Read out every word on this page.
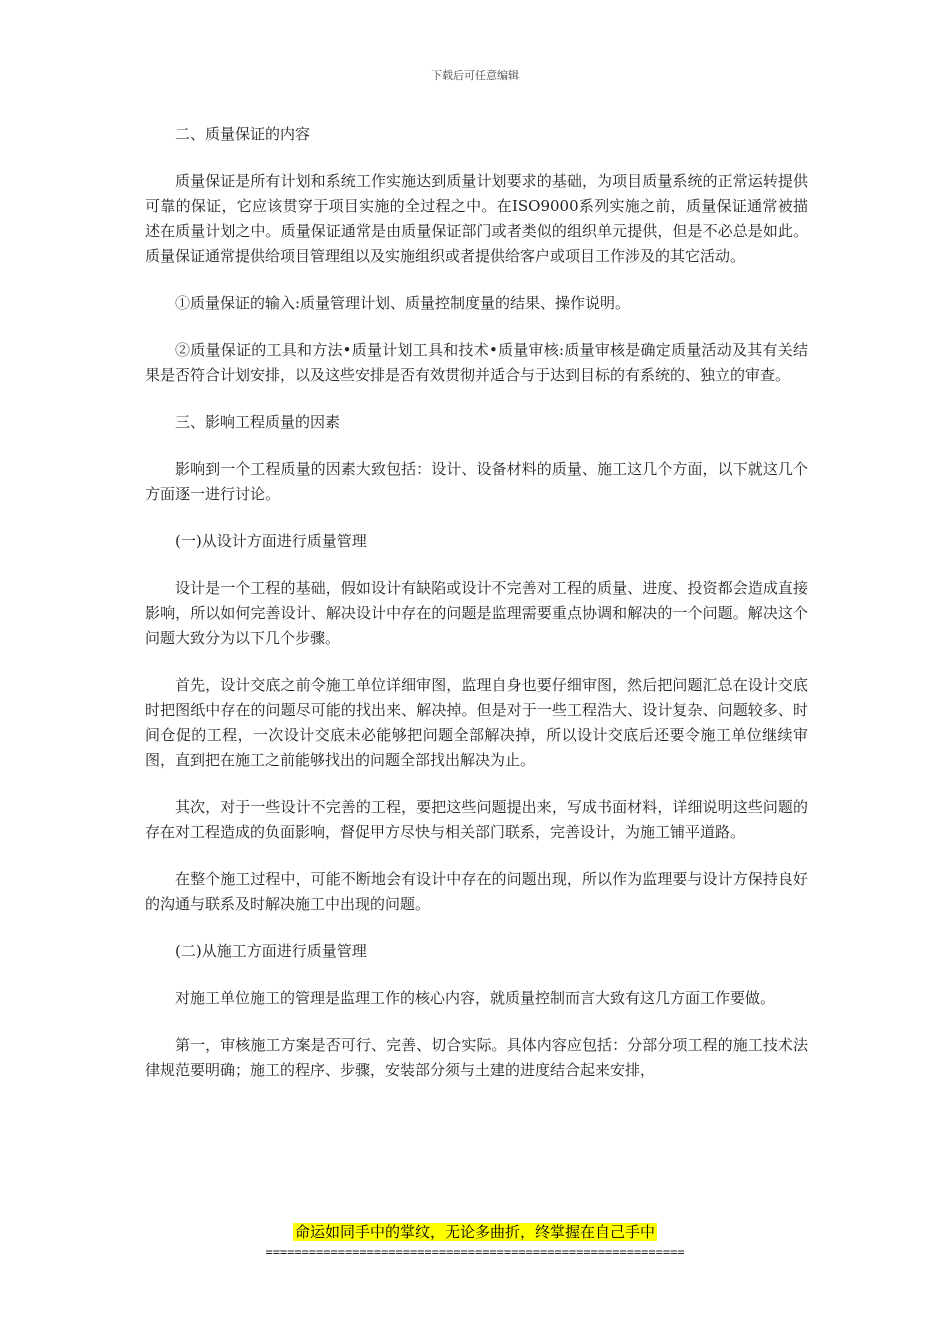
下载后可任意编辑

二、质量保证的内容

质量保证是所有计划和系统工作实施达到质量计划要求的基础，为项目质量系统的正常运转提供可靠的保证，它应该贯穿于项目实施的全过程之中。在ISO9000系列实施之前，质量保证通常被描述在质量计划之中。质量保证通常是由质量保证部门或者类似的组织单元提供，但是不必总是如此。质量保证通常提供给项目管理组以及实施组织或者提供给客户或项目工作涉及的其它活动。

①质量保证的输入:质量管理计划、质量控制度量的结果、操作说明。

②质量保证的工具和方法•质量计划工具和技术•质量审核:质量审核是确定质量活动及其有关结果是否符合计划安排，以及这些安排是否有效贯彻并适合与于达到目标的有系统的、独立的审查。

三、影响工程质量的因素

影响到一个工程质量的因素大致包括：设计、设备材料的质量、施工这几个方面，以下就这几个方面逐一进行讨论。

(一)从设计方面进行质量管理

设计是一个工程的基础，假如设计有缺陷或设计不完善对工程的质量、进度、投资都会造成直接影响，所以如何完善设计、解决设计中存在的问题是监理需要重点协调和解决的一个问题。解决这个问题大致分为以下几个步骤。

首先，设计交底之前令施工单位详细审图，监理自身也要仔细审图，然后把问题汇总在设计交底时把图纸中存在的问题尽可能的找出来、解决掉。但是对于一些工程浩大、设计复杂、问题较多、时间仓促的工程，一次设计交底未必能够把问题全部解决掉，所以设计交底后还要令施工单位继续审图，直到把在施工之前能够找出的问题全部找出解决为止。

其次，对于一些设计不完善的工程，要把这些问题提出来，写成书面材料，详细说明这些问题的存在对工程造成的负面影响，督促甲方尽快与相关部门联系，完善设计，为施工铺平道路。

在整个施工过程中，可能不断地会有设计中存在的问题出现，所以作为监理要与设计方保持良好的沟通与联系及时解决施工中出现的问题。

(二)从施工方面进行质量管理

对施工单位施工的管理是监理工作的核心内容，就质量控制而言大致有这几方面工作要做。

第一，审核施工方案是否可行、完善、切合实际。具体内容应包括：分部分项工程的施工技术法律规范要明确；施工的程序、步骤，安装部分须与土建的进度结合起来安排，

命运如同手中的掌纹，无论多曲折，终掌握在自己手中
==========================================================
